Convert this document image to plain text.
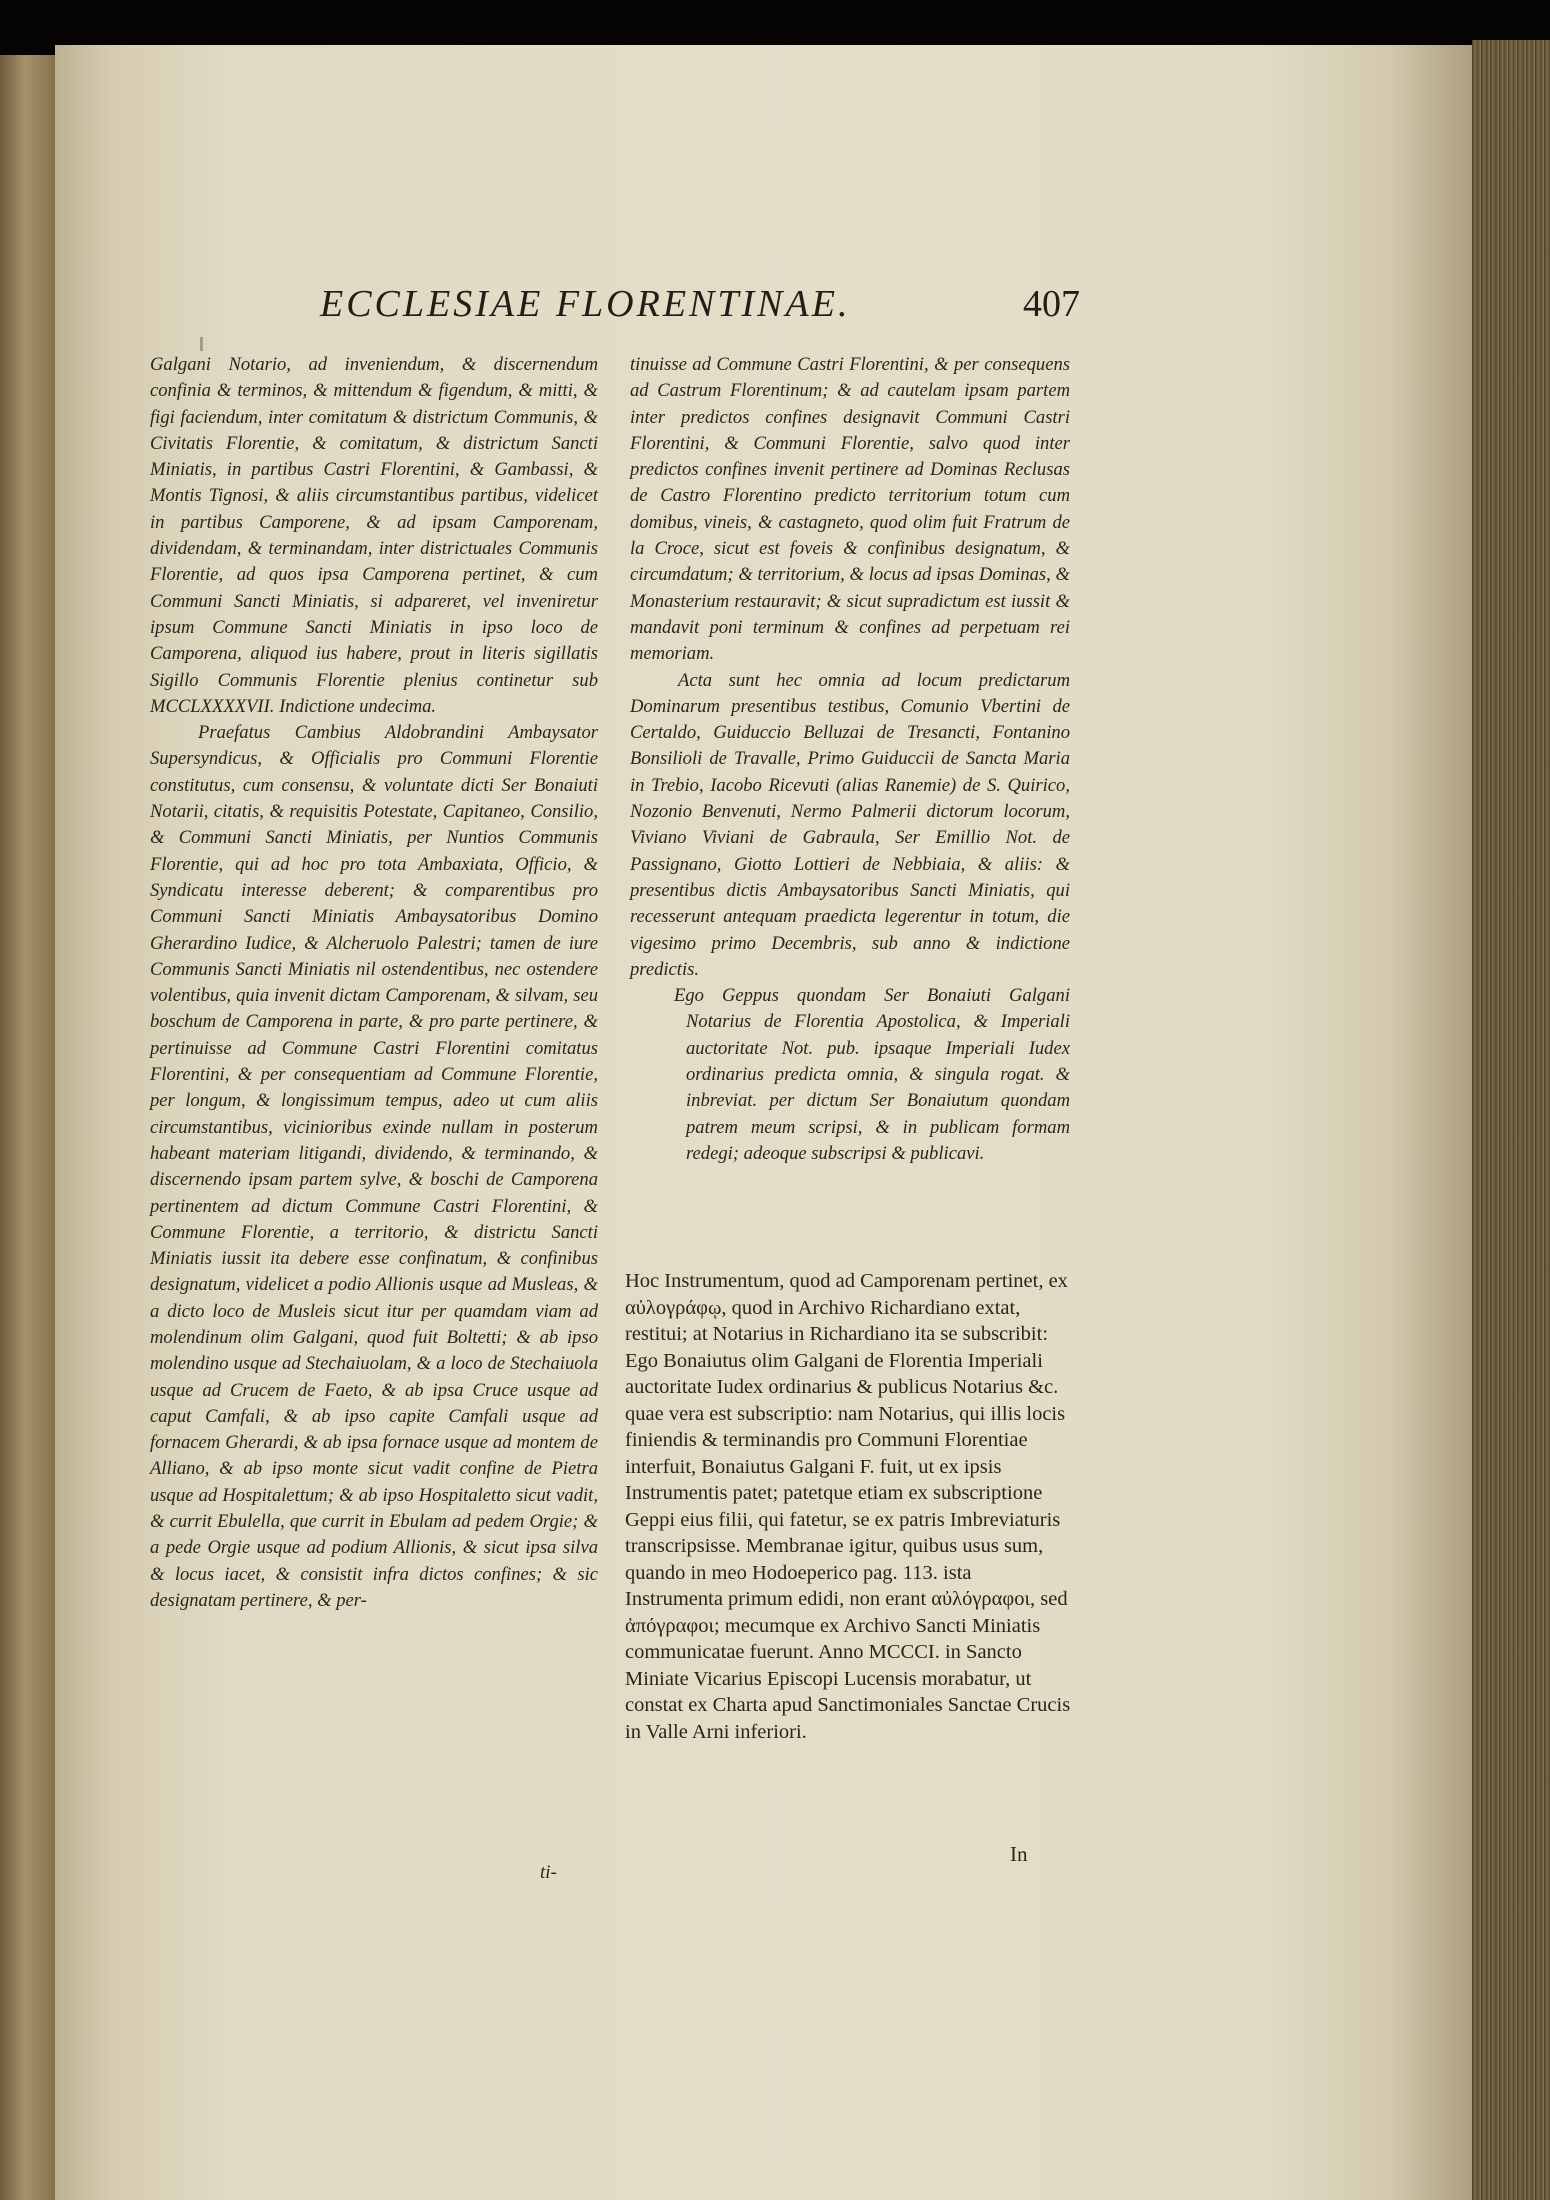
ECCLESIAE FLORENTINAE.	407

Galgani Notario, ad inveniendum, & discernendum confinia & terminos, & mittendum & figendum, & mitti, & figi faciendum, inter comitatum & districtum Communis, & Civitatis Florentie, & comitatum, & districtum Sancti Miniatis, in partibus Castri Florentini, & Gambassi, & Montis Tignosi, & aliis circumstantibus partibus, videlicet in partibus Camporene, & ad ipsam Camporenam, dividendam, & terminandam, inter districtuales Communis Florentie, ad quos ipsa Camporena pertinet, & cum Communi Sancti Miniatis, si adpareret, vel inveniretur ipsum Commune Sancti Miniatis in ipso loco de Camporena, aliquod ius habere, prout in literis sigillatis Sigillo Communis Florentie plenius continetur sub MCCLXXXXVII. Indictione undecima.

Praefatus Cambius Aldobrandini Ambaysator Supersyndicus, & Officialis pro Communi Florentie constitutus, cum consensu, & voluntate dicti Ser Bonaiuti Notarii, citatis, & requisitis Potestate, Capitaneo, Consilio, & Communi Sancti Miniatis, per Nuntios Communis Florentie, qui ad hoc pro tota Ambaxiata, Officio, & Syndicatu interesse deberent; & comparentibus pro Communi Sancti Miniatis Ambaysatoribus Domino Gherardino Iudice, & Alcheruolo Palestri; tamen de iure Communis Sancti Miniatis nil ostendentibus, nec ostendere volentibus, quia invenit dictam Camporenam, & silvam, seu boschum de Camporena in parte, & pro parte pertinere, & pertinuisse ad Commune Castri Florentini comitatus Florentini, & per consequentiam ad Commune Florentie, per longum, & longissimum tempus, adeo ut cum aliis circumstantibus, vicinioribus exinde nullam in posterum habeant materiam litigandi, dividendo, & terminando, & discernendo ipsam partem sylve, & boschi de Camporena pertinentem ad dictum Commune Castri Florentini, & Commune Florentie, a territorio, & districtu Sancti Miniatis iussit ita debere esse confinatum, & confinibus designatum, videlicet a podio Allionis usque ad Musleas, & a dicto loco de Musleis sicut itur per quamdam viam ad molendinum olim Galgani, quod fuit Boltetti; & ab ipso molendino usque ad Stechaiuolam, & a loco de Stechaiuola usque ad Crucem de Faeto, & ab ipsa Cruce usque ad caput Camfali, & ab ipso capite Camfali usque ad fornacem Gherardi, & ab ipsa fornace usque ad montem de Alliano, & ab ipso monte sicut vadit confine de Pietra usque ad Hospitalettum; & ab ipso Hospitaletto sicut vadit, & currit Ebulella, que currit in Ebulam ad pedem Orgie; & a pede Orgie usque ad podium Allionis, & sicut ipsa silva & locus iacet, & consistit infra dictos confines; & sic designatam pertinere, & per-

ti-

tinuisse ad Commune Castri Florentini, & per consequens ad Castrum Florentinum; & ad cautelam ipsam partem inter predictos confines designavit Communi Castri Florentini, & Communi Florentie, salvo quod inter predictos confines invenit pertinere ad Dominas Reclusas de Castro Florentino predicto territorium totum cum domibus, vineis, & castagneto, quod olim fuit Fratrum de la Croce, sicut est foveis & confinibus designatum, & circumdatum; & territorium, & locus ad ipsas Dominas, & Monasterium restauravit; & sicut supradictum est iussit & mandavit poni terminum & confines ad perpetuam rei memoriam.

Acta sunt hec omnia ad locum predictarum Dominarum presentibus testibus, Comunio Vbertini de Certaldo, Guiduccio Belluzai de Tresancti, Fontanino Bonsilioli de Travalle, Primo Guiduccii de Sancta Maria in Trebio, Iacobo Ricevuti (alias Ranemie) de S. Quirico, Nozonio Benvenuti, Nermo Palmerii dictorum locorum, Viviano Viviani de Gabraula, Ser Emillio Not. de Passignano, Giotto Lottieri de Nebbiaia, & aliis: & presentibus dictis Ambaysatoribus Sancti Miniatis, qui recesserunt antequam praedicta legerentur in totum, die vigesimo primo Decembris, sub anno & indictione predictis.

Ego Geppus quondam Ser Bonaiuti Galgani Notarius de Florentia Apostolica, & Imperiali auctoritate Not. pub. ipsaque Imperiali Iudex ordinarius predicta omnia, & singula rogat. & inbreviat. per dictum Ser Bonaiutum quondam patrem meum scripsi, & in publicam formam redegi; adeoque subscripsi & publicavi.

Hoc Instrumentum, quod ad Camporenam pertinet, ex αὐλογράφῳ, quod in Archivo Richardiano extat, restitui; at Notarius in Richardiano ita se subscribit: Ego Bonaiutus olim Galgani de Florentia Imperiali auctoritate Iudex ordinarius & publicus Notarius &c. quae vera est subscriptio: nam Notarius, qui illis locis finiendis & terminandis pro Communi Florentiae interfuit, Bonaiutus Galgani F. fuit, ut ex ipsis Instrumentis patet; patetque etiam ex subscriptione Geppi eius filii, qui fatetur, se ex patris Imbreviaturis transcripsisse. Membranae igitur, quibus usus sum, quando in meo Hodoeperico pag. 113. ista Instrumenta primum edidi, non erant αὐλόγραφοι, sed ἀπόγραφοι; mecumque ex Archivo Sancti Miniatis communicatae fuerunt. Anno MCCCI. in Sancto Miniate Vicarius Episcopi Lucensis morabatur, ut constat ex Charta apud Sanctimoniales Sanctae Crucis in Valle Arni inferiori.
In
